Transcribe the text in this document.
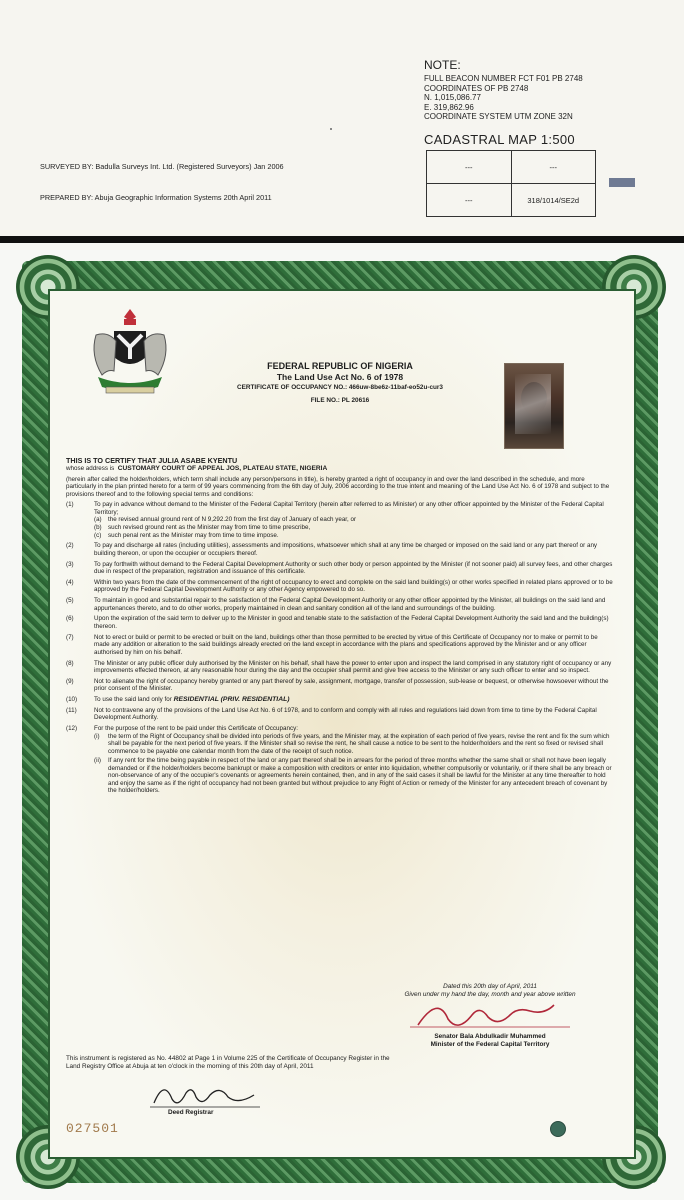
NOTE:
FULL BEACON NUMBER FCT F01 PB 2748
COORDINATES OF PB 2748
N. 1,015,086.77
E. 319,862.96
COORDINATE SYSTEM UTM ZONE 32N
CADASTRAL MAP 1:500
---	---
---	318/1014/SE2d
SURVEYED BY: Badulla Surveys Int. Ltd. (Registered Surveyors) Jan 2006
PREPARED BY: Abuja Geographic Information Systems 20th April 2011
FEDERAL REPUBLIC OF NIGERIA
The Land Use Act No. 6 of 1978
CERTIFICATE OF OCCUPANCY NO.: 466uw-8be6z-11baf-eo52u-cur3
FILE NO.: PL 20616

THIS IS TO CERTIFY THAT JULIA ASABE KYENTU

whose address is CUSTOMARY COURT OF APPEAL JOS, PLATEAU STATE, NIGERIA

(herein after called the holder/holders, which term shall include any person/persons in title), is hereby granted a right of occupancy in and over the land described in the schedule, and more particularly in the plan printed hereto for a term of 99 years commencing from the 6th day of July, 2006 according to the true intent and meaning of the Land Use Act No. 6 of 1978 and subject to the provisions thereof and to the following special terms and conditions:

(1)	To pay in advance without demand to the Minister of the Federal Capital Territory (herein after referred to as Minister) or any other officer appointed by the Minister of the Federal Capital Territory;
(a) the revised annual ground rent of N 9,292.20 from the first day of January of each year, or
(b) such revised ground rent as the Minister may from time to time prescribe,
(c) such penal rent as the Minister may from time to time impose.
(2)	To pay and discharge all rates (including utilities), assessments and impositions, whatsoever which shall at any time be charged or imposed on the said land or any part thereof or any building thereon, or upon the occupier or occupiers thereof.
(3)	To pay forthwith without demand to the Federal Capital Development Authority or such other body or person appointed by the Minister (if not sooner paid) all survey fees, and other charges due in respect of the preparation, registration and issuance of this certificate.
(4)	Within two years from the date of the commencement of the right of occupancy to erect and complete on the said land building(s) or other works specified in related plans approved or to be approved by the Federal Capital Development Authority or any other Agency empowered to do so.
(5)	To maintain in good and substantial repair to the satisfaction of the Federal Capital Development Authority or any other officer appointed by the Minister, all buildings on the said land and appurtenances thereto, and to do other works, properly maintained in clean and sanitary condition all of the land and surroundings of the building.
(6)	Upon the expiration of the said term to deliver up to the Minister in good and tenable state to the satisfaction of the Federal Capital Development Authority the said land and the building(s) thereon.
(7)	Not to erect or build or permit to be erected or built on the land, buildings other than those permitted to be erected by virtue of this Certificate of Occupancy nor to make or permit to be made any addition or alteration to the said buildings already erected on the land except in accordance with the plans and specifications approved by the Minister and or any officer authorised by him on his behalf.
(8)	The Minister or any public officer duly authorised by the Minister on his behalf, shall have the power to enter upon and inspect the land comprised in any statutory right of occupancy or any improvements effected thereon, at any reasonable hour during the day and the occupier shall permit and give free access to the Minister or any such officer to enter and so inspect.
(9)	Not to alienate the right of occupancy hereby granted or any part thereof by sale, assignment, mortgage, transfer of possession, sub-lease or bequest, or otherwise howsoever without the prior consent of the Minister.
(10)	To use the said land only for RESIDENTIAL (PRIV. RESIDENTIAL)
(11)	Not to contravene any of the provisions of the Land Use Act No. 6 of 1978, and to conform and comply with all rules and regulations laid down from time to time by the Federal Capital Development Authority.
(12)	For the purpose of the rent to be paid under this Certificate of Occupancy:
(i) the term of the Right of Occupancy shall be divided into periods of five years, and the Minister may, at the expiration of each period of five years, revise the rent and fix the sum which shall be payable for the next period of five years. If the Minister shall so revise the rent, he shall cause a notice to be sent to the holder/holders and the rent so fixed or revised shall commence to be payable one calendar month from the date of the receipt of such notice.
(ii) If any rent for the time being payable in respect of the land or any part thereof shall be in arrears for the period of three months whether the same shall or shall not have been legally demanded or if the holder/holders become bankrupt or make a composition with creditors or enter into liquidation, whether compulsorily or voluntarily, or if there shall be any breach or non-observance of any of the occupier's covenants or agreements herein contained, then, and in any of the said cases it shall be lawful for the Minister at any time thereafter to hold and enjoy the same as if the right of occupancy had not been granted but without prejudice to any Right of Action or remedy of the Minister for any antecedent breach of covenant by the holder/holders.
Dated this 20th day of April, 2011
Given under my hand the day, month and year above written
Senator Bala Abdulkadir Muhammed
Minister of the Federal Capital Territory
This instrument is registered as No. 44802 at Page 1 in Volume 225 of the Certificate of Occupancy Register in the Land Registry Office at Abuja at ten o'clock in the morning of this 20th day of April, 2011
Deed Registrar
027501
